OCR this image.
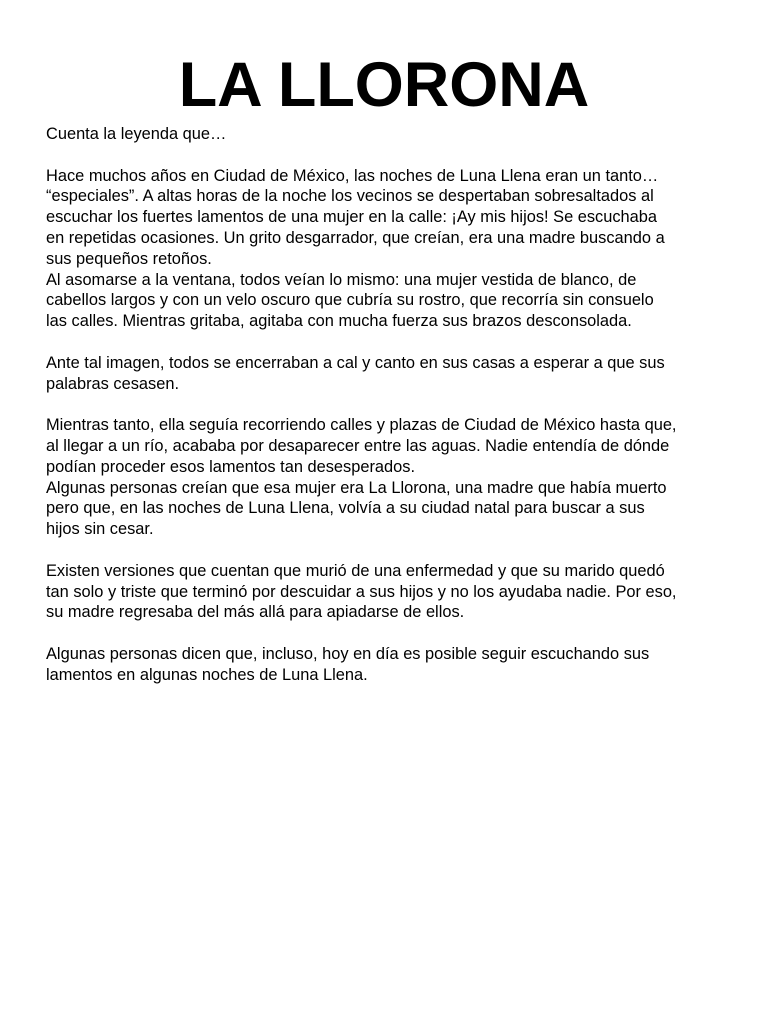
LA LLORONA

Cuenta la leyenda que…

Hace muchos años en Ciudad de México, las noches de Luna Llena eran un tanto…
“especiales”. A altas horas de la noche los vecinos se despertaban sobresaltados al
escuchar los fuertes lamentos de una mujer en la calle: ¡Ay mis hijos! Se escuchaba
en repetidas ocasiones. Un grito desgarrador, que creían, era una madre buscando a
sus pequeños retoños.
Al asomarse a la ventana, todos veían lo mismo: una mujer vestida de blanco, de
cabellos largos y con un velo oscuro que cubría su rostro, que recorría sin consuelo
las calles. Mientras gritaba, agitaba con mucha fuerza sus brazos desconsolada.

Ante tal imagen, todos se encerraban a cal y canto en sus casas a esperar a que sus
palabras cesasen.

Mientras tanto, ella seguía recorriendo calles y plazas de Ciudad de México hasta que,
al llegar a un río, acababa por desaparecer entre las aguas. Nadie entendía de dónde
podían proceder esos lamentos tan desesperados.
Algunas personas creían que esa mujer era La Llorona, una madre que había muerto
pero que, en las noches de Luna Llena, volvía a su ciudad natal para buscar a sus
hijos sin cesar.

Existen versiones que cuentan que murió de una enfermedad y que su marido quedó
tan solo y triste que terminó por descuidar a sus hijos y no los ayudaba nadie. Por eso,
su madre regresaba del más allá para apiadarse de ellos.

Algunas personas dicen que, incluso, hoy en día es posible seguir escuchando sus
lamentos en algunas noches de Luna Llena.
